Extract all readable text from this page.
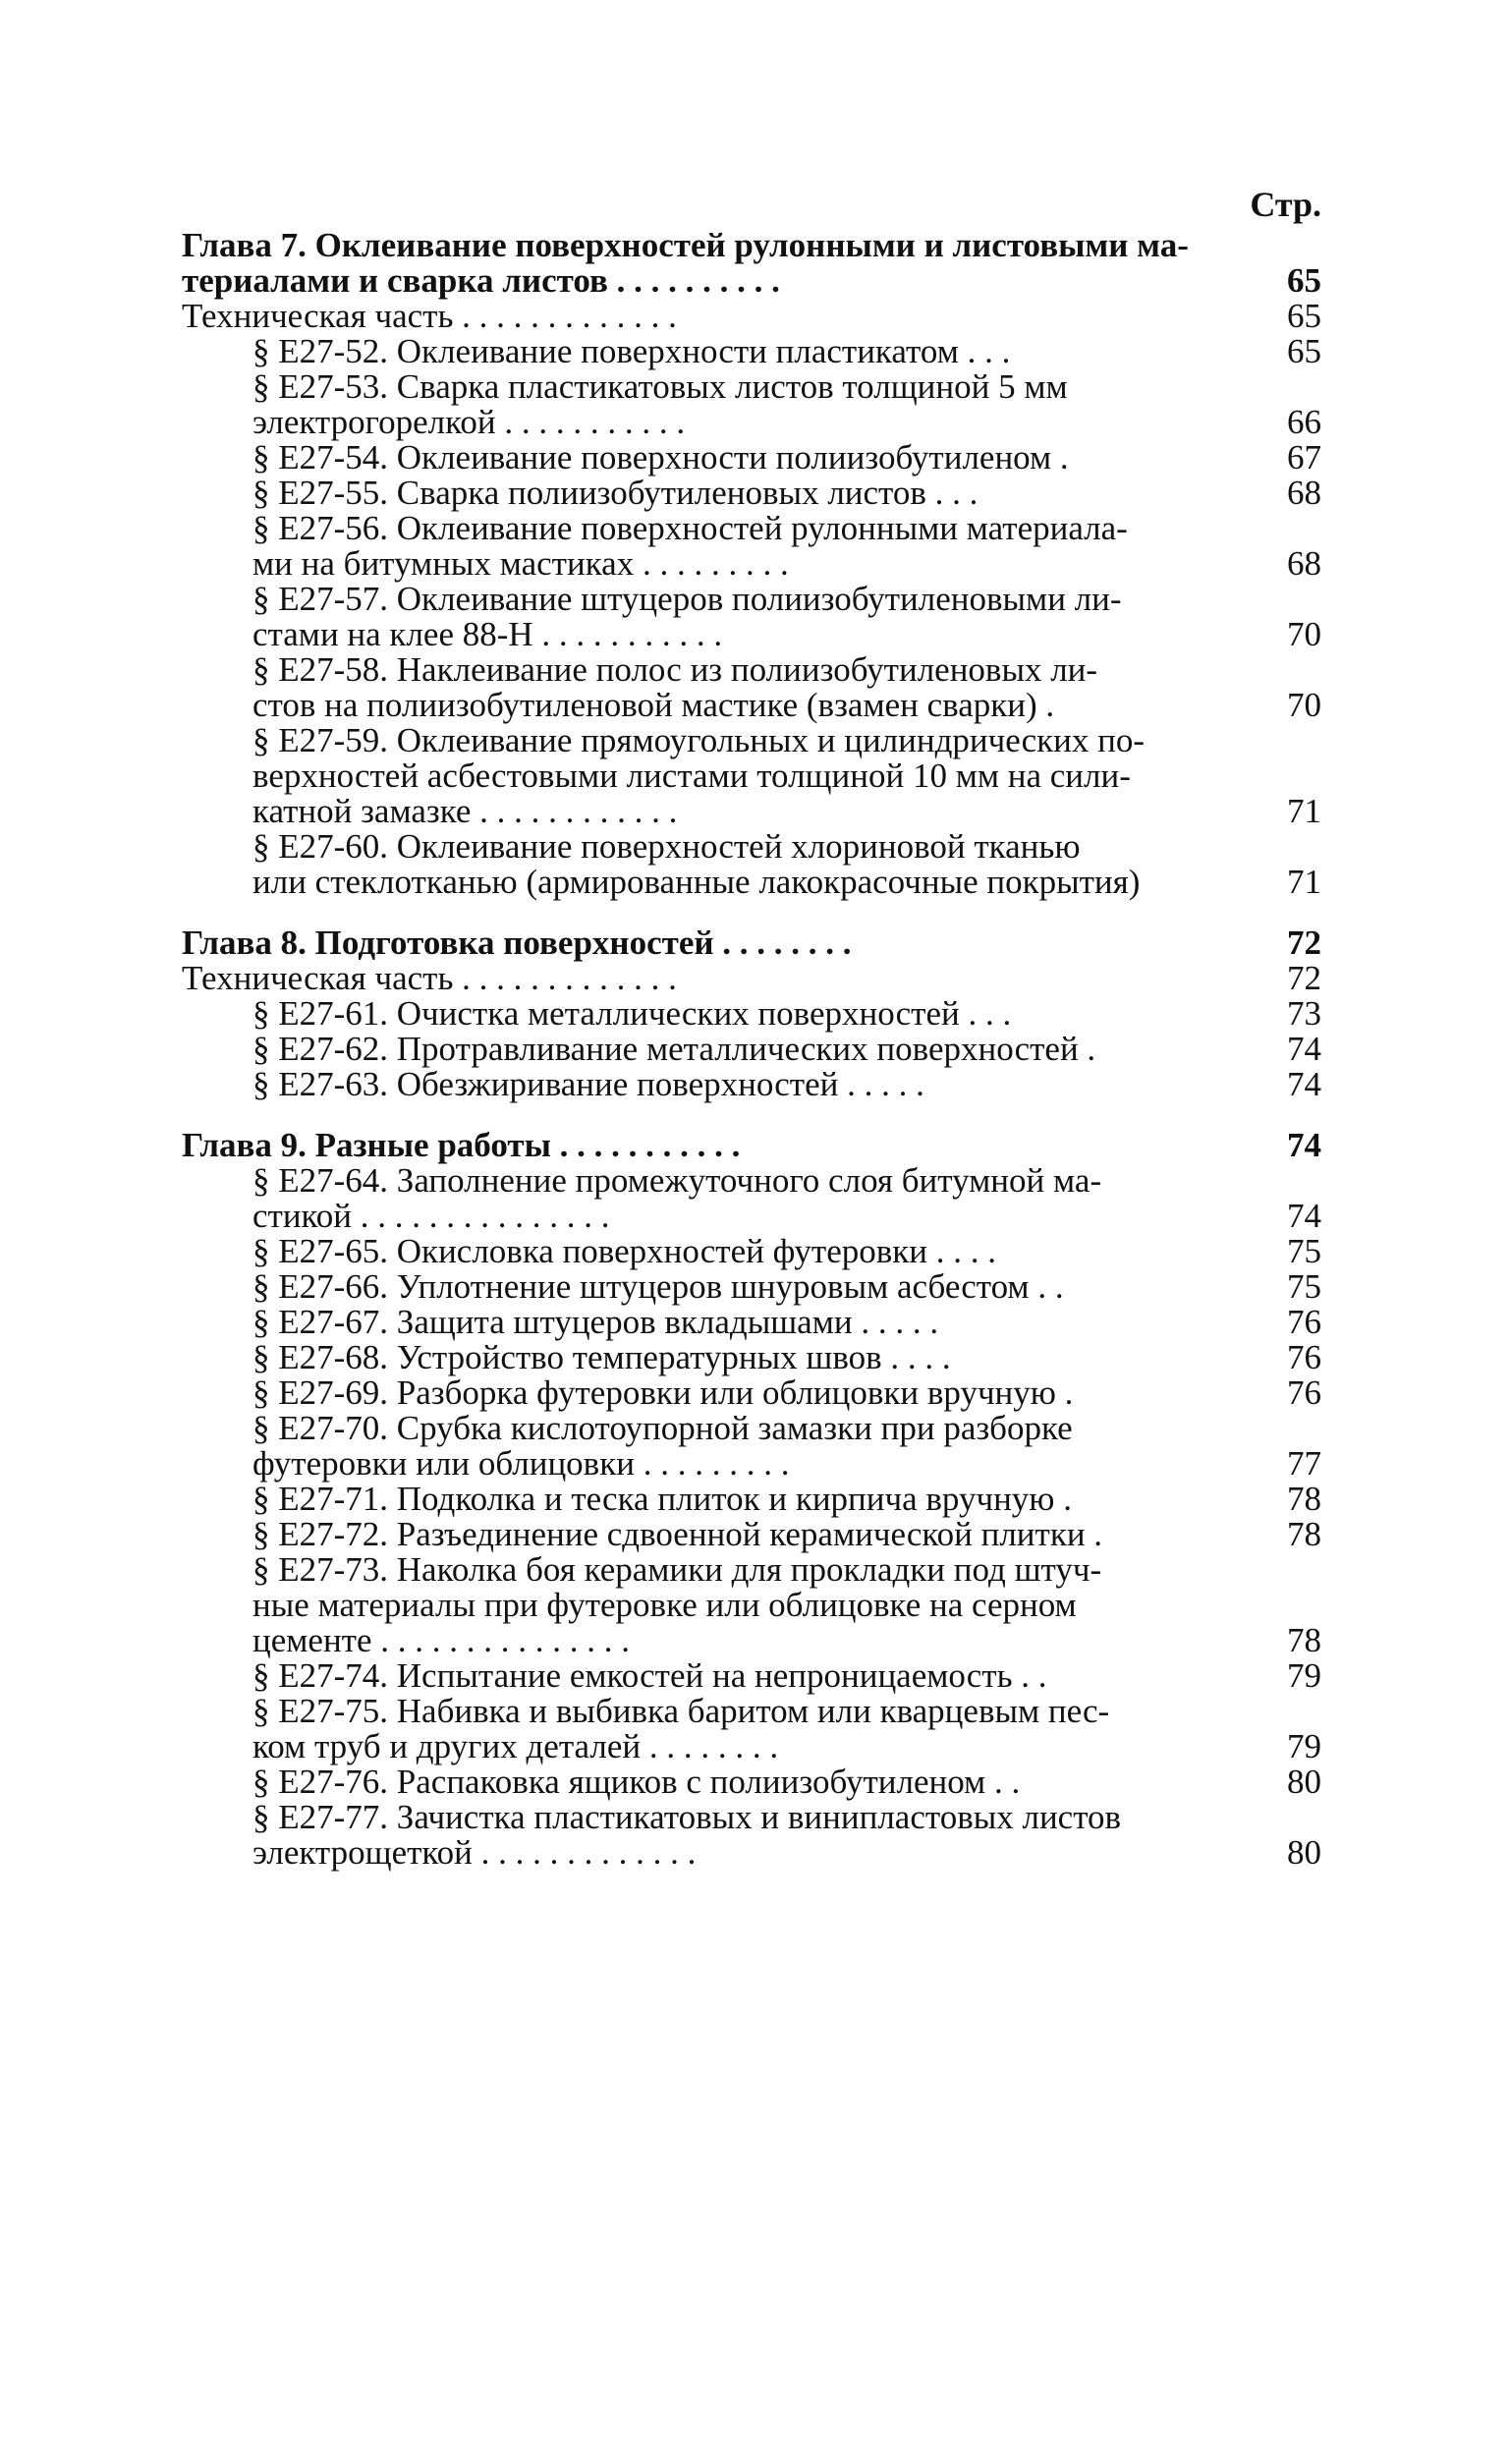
Стр.
Глава 7. Оклеивание поверхностей рулонными и листовыми ма-
териалами и сварка листов . . . . . . . . . .	65
Техническая часть . . . . . . . . . . . . .	65
§ Е27-52. Оклеивание поверхности пластикатом . . .	65
§ Е27-53. Сварка пластикатовых листов толщиной 5 мм
электрогорелкой . . . . . . . . . . .	66
§ Е27-54. Оклеивание поверхности полиизобутиленом .	67
§ Е27-55. Сварка полиизобутиленовых листов . . .	68
§ Е27-56. Оклеивание поверхностей рулонными материала-
ми на битумных мастиках . . . . . . . . .	68
§ Е27-57. Оклеивание штуцеров полиизобутиленовыми ли-
стами на клее 88-Н . . . . . . . . . . .	70
§ Е27-58. Наклеивание полос из полиизобутиленовых ли-
стов на полиизобутиленовой мастике (взамен сварки) .	70
§ Е27-59. Оклеивание прямоугольных и цилиндрических по-
верхностей асбестовыми листами толщиной 10 мм на сили-
катной замазке . . . . . . . . . . . .	71
§ Е27-60. Оклеивание поверхностей хлориновой тканью
или стеклотканью (армированные лакокрасочные покрытия)	71
Глава 8. Подготовка поверхностей . . . . . . . .	72
Техническая часть . . . . . . . . . . . . .	72
§ Е27-61. Очистка металлических поверхностей . . .	73
§ Е27-62. Протравливание металлических поверхностей .	74
§ Е27-63. Обезжиривание поверхностей . . . . .	74
Глава 9. Разные работы . . . . . . . . . . .	74
§ Е27-64. Заполнение промежуточного слоя битумной ма-
стикой . . . . . . . . . . . . . . .	74
§ Е27-65. Окисловка поверхностей футеровки . . . .	75
§ Е27-66. Уплотнение штуцеров шнуровым асбестом . .	75
§ Е27-67. Защита штуцеров вкладышами . . . . .	76
§ Е27-68. Устройство температурных швов . . . .	76
§ Е27-69. Разборка футеровки или облицовки вручную .	76
§ Е27-70. Срубка кислотоупорной замазки при разборке
футеровки или облицовки . . . . . . . . .	77
§ Е27-71. Подколка и теска плиток и кирпича вручную .	78
§ Е27-72. Разъединение сдвоенной керамической плитки .	78
§ Е27-73. Наколка боя керамики для прокладки под штуч-
ные материалы при футеровке или облицовке на серном
цементе . . . . . . . . . . . . . . .	78
§ Е27-74. Испытание емкостей на непроницаемость . .	79
§ Е27-75. Набивка и выбивка баритом или кварцевым пес-
ком труб и других деталей . . . . . . . .	79
§ Е27-76. Распаковка ящиков с полиизобутиленом . .	80
§ Е27-77. Зачистка пластикатовых и винипластовых листов
электрощеткой . . . . . . . . . . . . .	80
